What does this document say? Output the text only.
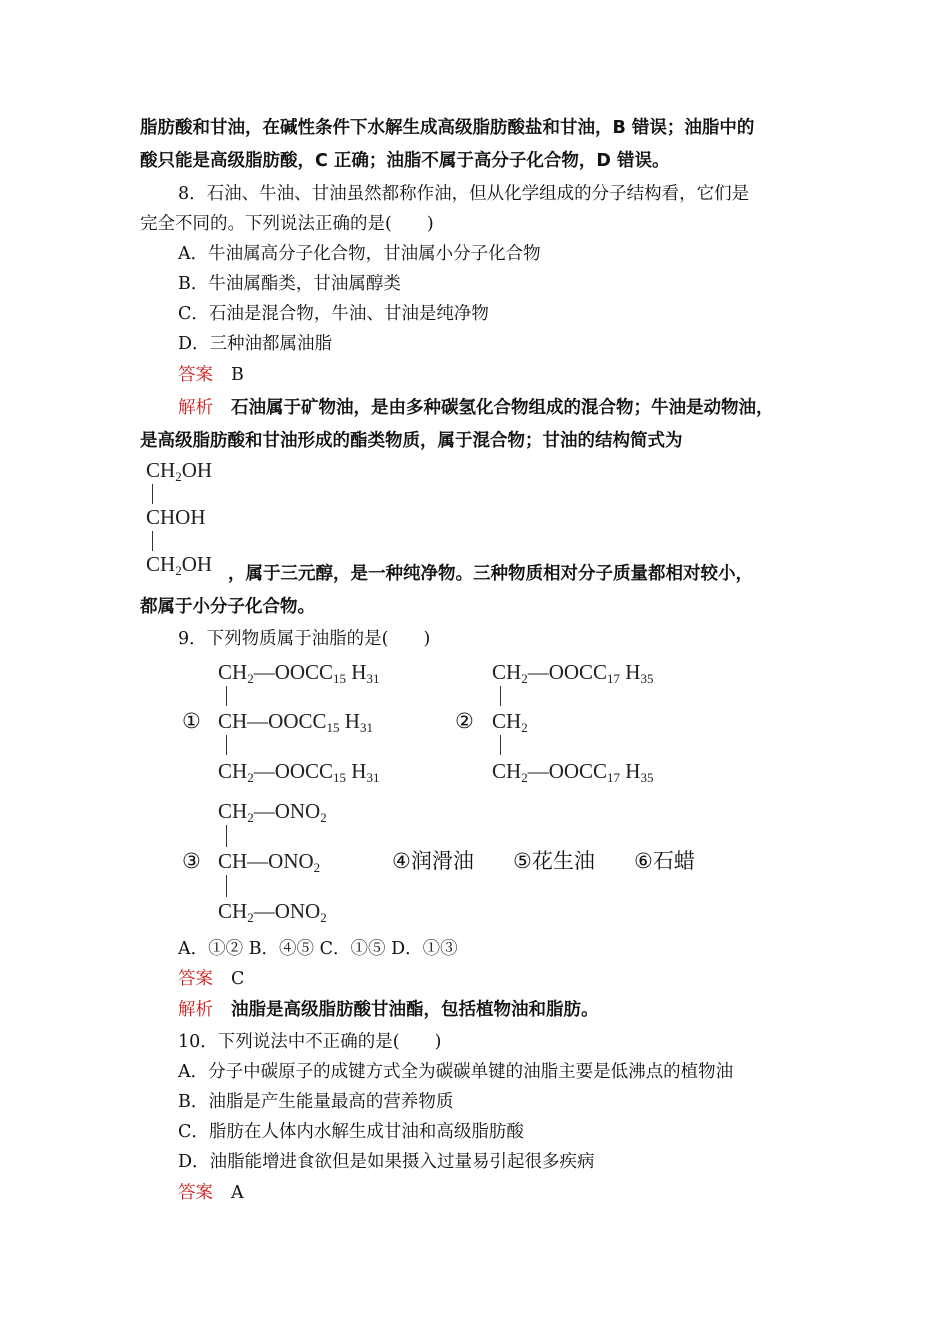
脂肪酸和甘油，在碱性条件下水解生成高级脂肪酸盐和甘油，B 错误；油脂中的
酸只能是高级脂肪酸，C 正确；油脂不属于高分子化合物，D 错误。
8．石油、牛油、甘油虽然都称作油，但从化学组成的分子结构看，它们是
完全不同的。下列说法正确的是(　　)
A．牛油属高分子化合物，甘油属小分子化合物
B．牛油属酯类，甘油属醇类
C．石油是混合物，牛油、甘油是纯净物
D．三种油都属油脂
答案 B
解析 石油属于矿物油，是由多种碳氢化合物组成的混合物；牛油是动物油，
是高级脂肪酸和甘油形成的酯类物质，属于混合物；甘油的结构简式为
$CH_2OH$
CHOH
$CH_2OH$ ，属于三元醇，是一种纯净物。三种物质相对分子质量都相对较小，
都属于小分子化合物。
9．下列物质属于油脂的是(　　)
$CH_2—OOCC_{15}$ $H_{31}$
① $CH—OOCC_{15}$ $H_{31}$
$CH_2—OOCC_{15}$ $H_{31}$
$CH_2—OOCC_{17}$ $H_{35}$
② $CH_2$
$CH_2—OOCC_{17}$ $H_{35}$
$CH_2—ONO_2$
③ $CH—ONO_2$
$CH_2—ONO_2$
④润滑油 ⑤花生油 ⑥石蜡
A．①② B．④⑤ C．①⑤ D．①③
答案 C
解析 油脂是高级脂肪酸甘油酯，包括植物油和脂肪。
10．下列说法中不正确的是(　　)
A．分子中碳原子的成键方式全为碳碳单键的油脂主要是低沸点的植物油
B．油脂是产生能量最高的营养物质
C．脂肪在人体内水解生成甘油和高级脂肪酸
D．油脂能增进食欲但是如果摄入过量易引起很多疾病
答案 A
